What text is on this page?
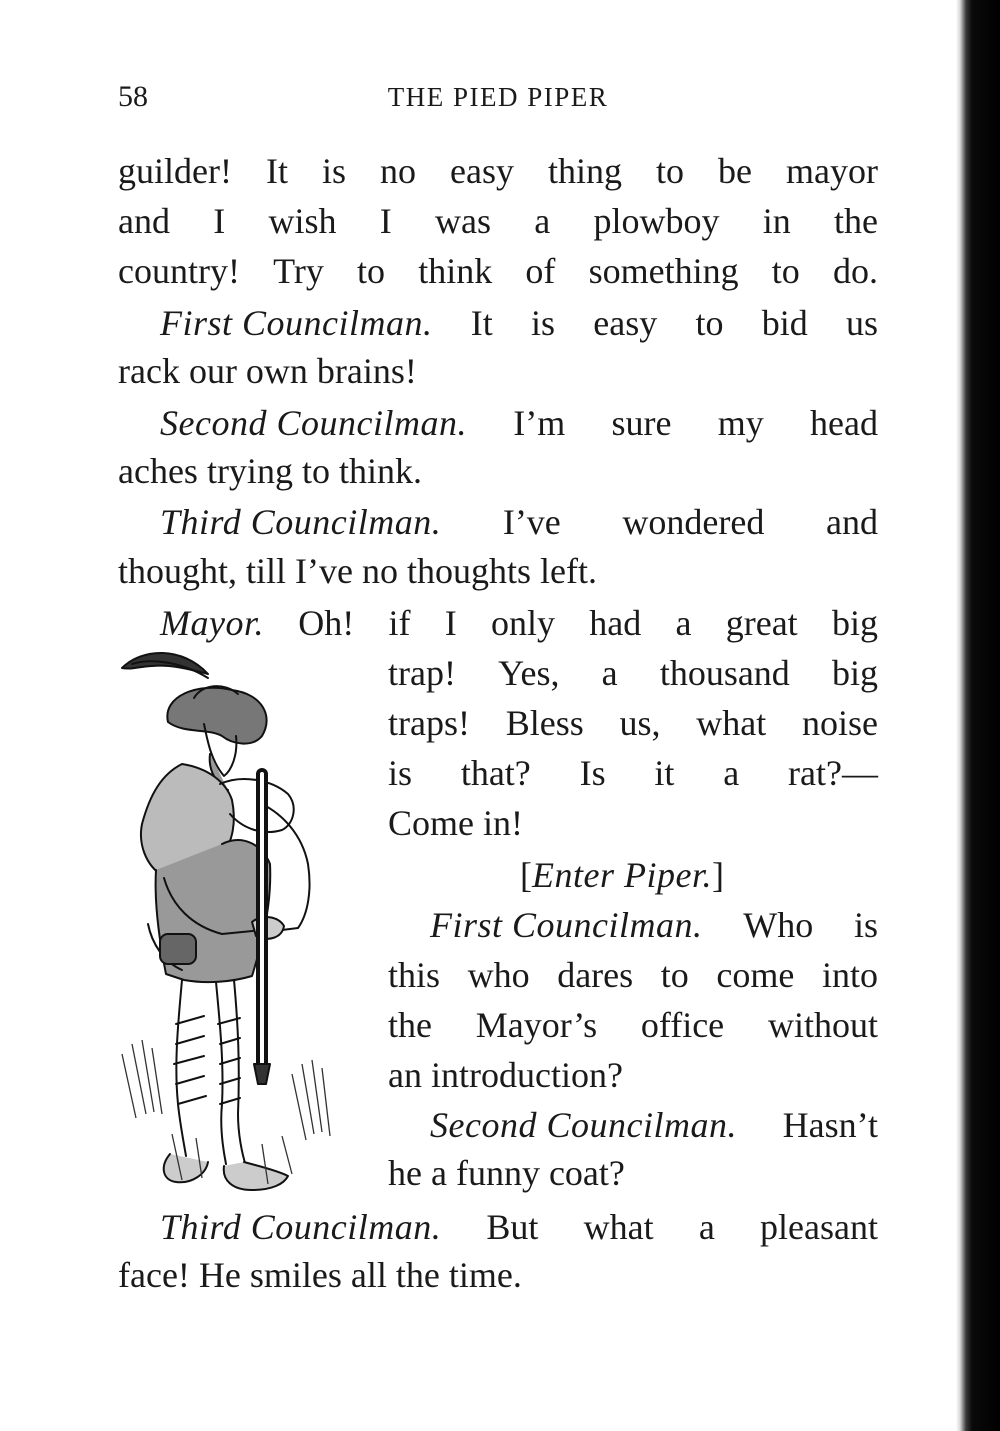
58	THE PIED PIPER
guilder! It is no easy thing to be mayor
and I wish I was a plowboy in the
country! Try to think of something to do.
First Councilman. It is easy to bid us
rack our own brains!
Second Councilman. I’m sure my head
aches trying to think.
Third Councilman. I’ve wondered and
thought, till I’ve no thoughts left.
Mayor. Oh! if I only had a great big
trap! Yes, a thousand big
traps! Bless us, what noise
is that? Is it a rat?—
Come in!
[Enter Piper.]
First Councilman. Who is
this who dares to come into
the Mayor’s office without
an introduction?
Second Councilman. Hasn’t
he a funny coat?
Third Councilman. But what a pleasant
face! He smiles all the time.
